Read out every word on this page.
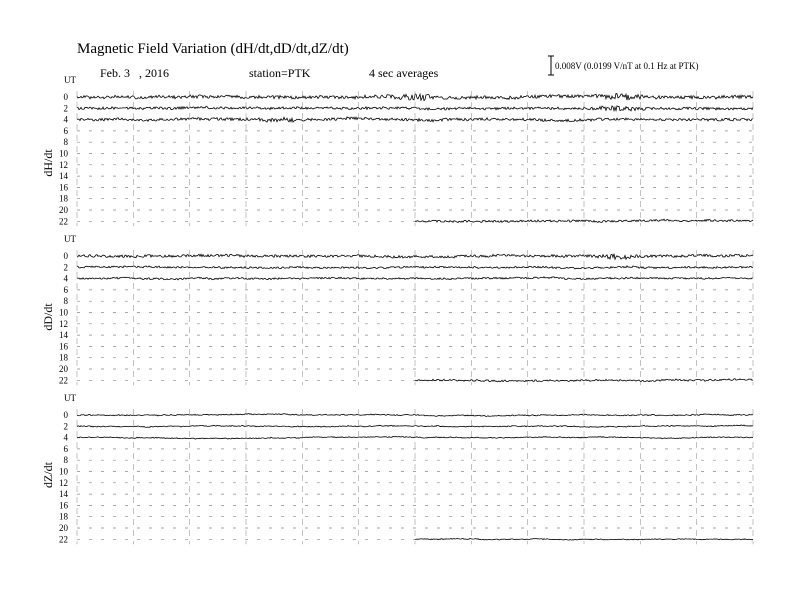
Magnetic Field Variation (dH/dt,dD/dt,dZ/dt)
Feb. 3   , 2016	station=PTK	4 sec averages	0.008V (0.0199 V/nT at 0.1 Hz at PTK)
UT
dH/dt
0
2
4
6
8
10
12
14
16
18
20
22
UT
dD/dt
0
2
4
6
8
10
12
14
16
18
20
22
UT
dZ/dt
0
2
4
6
8
10
12
14
16
18
20
22
